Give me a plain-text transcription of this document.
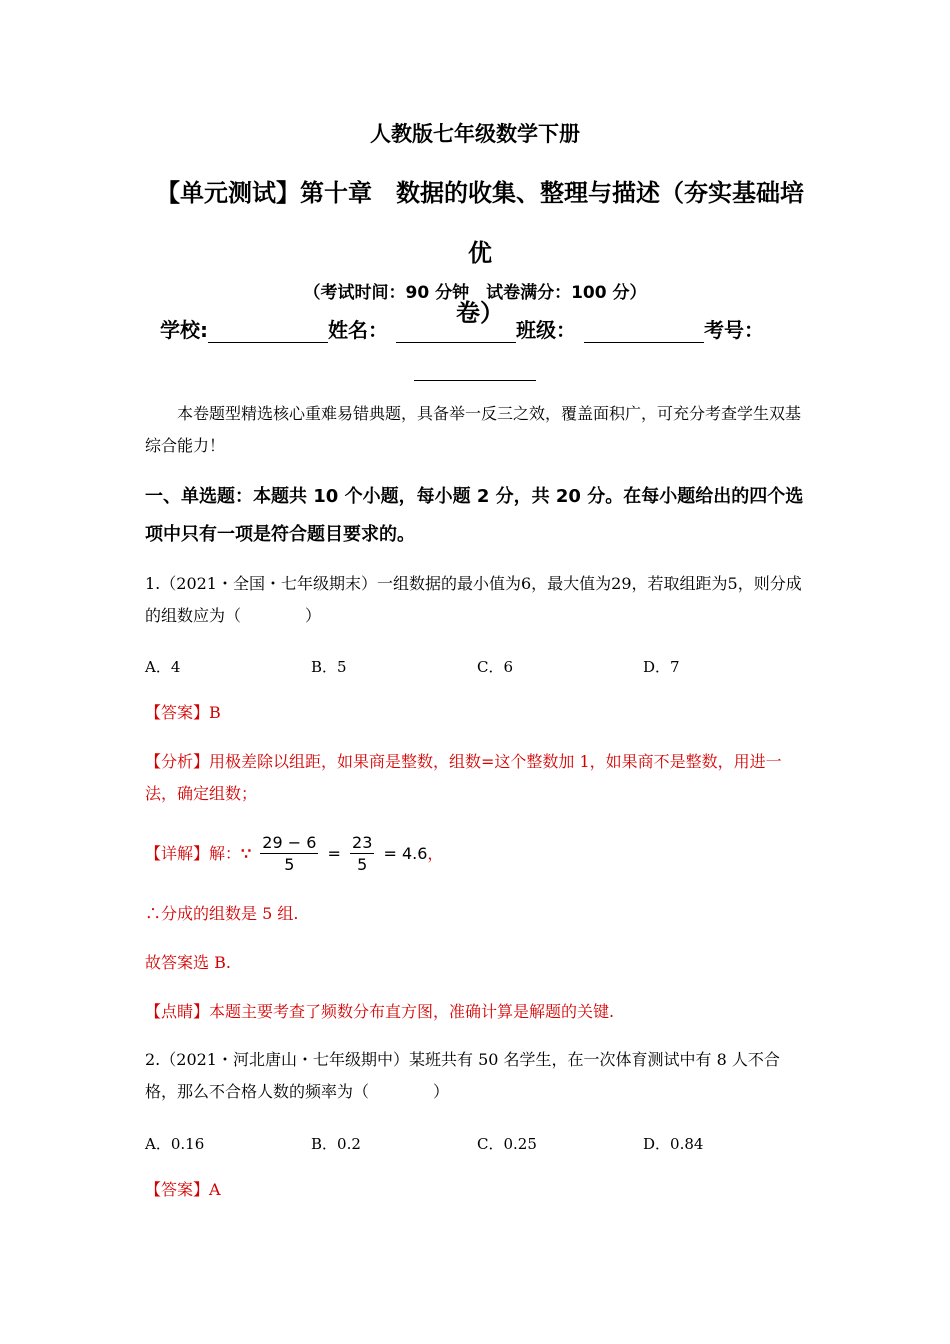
人教版七年级数学下册
【单元测试】第十章　数据的收集、整理与描述（夯实基础培优
卷）
（考试时间：90 分钟　试卷满分：100 分）
学校:	姓名：	班级：	考号：
本卷题型精选核心重难易错典题，具备举一反三之效，覆盖面积广，可充分考查学生双基综合能力！
一、单选题：本题共 10 个小题，每小题 2 分，共 20 分。在每小题给出的四个选项中只有一项是符合题目要求的。
1.（2021・全国・七年级期末）一组数据的最小值为6，最大值为29，若取组距为5，则分成的组数应为（　　　　）
A．4	B．5	C．6	D．7
【答案】B
【分析】用极差除以组距，如果商是整数，组数=这个整数加 1，如果商不是整数，用进一法，确定组数；
【详解】解：∵ $\frac{29 - 6}{5} = \frac{23}{5} = 4.6$，
∴分成的组数是 5 组.
故答案选 B.
【点睛】本题主要考查了频数分布直方图，准确计算是解题的关键.
2.（2021・河北唐山・七年级期中）某班共有 50 名学生，在一次体育测试中有 8 人不合格，那么不合格人数的频率为（　　　　）
A．0.16	B．0.2	C．0.25	D．0.84
【答案】A
